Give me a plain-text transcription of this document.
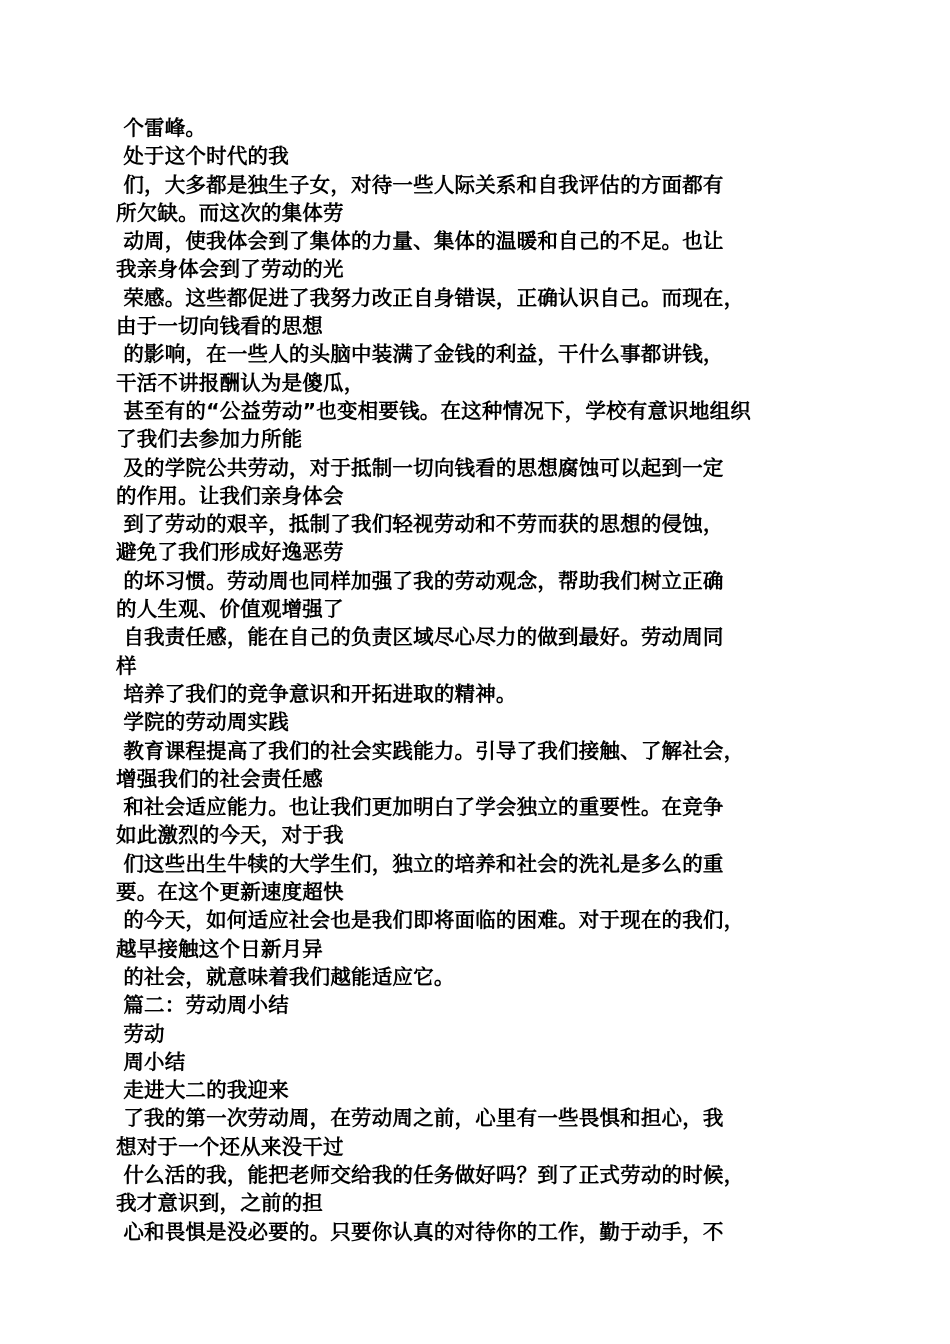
个雷峰。
处于这个时代的我
们，大多都是独生子女，对待一些人际关系和自我评估的方面都有
所欠缺。而这次的集体劳
动周，使我体会到了集体的力量、集体的温暖和自己的不足。也让
我亲身体会到了劳动的光
荣感。这些都促进了我努力改正自身错误，正确认识自己。而现在，
由于一切向钱看的思想
的影响，在一些人的头脑中装满了金钱的利益，干什么事都讲钱，
干活不讲报酬认为是傻瓜，
甚至有的“公益劳动”也变相要钱。在这种情况下，学校有意识地组织
了我们去参加力所能
及的学院公共劳动，对于抵制一切向钱看的思想腐蚀可以起到一定
的作用。让我们亲身体会
到了劳动的艰辛，抵制了我们轻视劳动和不劳而获的思想的侵蚀，
避免了我们形成好逸恶劳
的坏习惯。劳动周也同样加强了我的劳动观念，帮助我们树立正确
的人生观、价值观增强了
自我责任感，能在自己的负责区域尽心尽力的做到最好。劳动周同
样
培养了我们的竞争意识和开拓进取的精神。
学院的劳动周实践
教育课程提高了我们的社会实践能力。引导了我们接触、了解社会，
增强我们的社会责任感
和社会适应能力。也让我们更加明白了学会独立的重要性。在竞争
如此激烈的今天，对于我
们这些出生牛犊的大学生们，独立的培养和社会的洗礼是多么的重
要。在这个更新速度超快
的今天，如何适应社会也是我们即将面临的困难。对于现在的我们，
越早接触这个日新月异
的社会，就意味着我们越能适应它。
篇二：劳动周小结
劳动
周小结
走进大二的我迎来
了我的第一次劳动周，在劳动周之前，心里有一些畏惧和担心，我
想对于一个还从来没干过
什么活的我，能把老师交给我的任务做好吗？到了正式劳动的时候，
我才意识到，之前的担
心和畏惧是没必要的。只要你认真的对待你的工作，勤于动手，不
